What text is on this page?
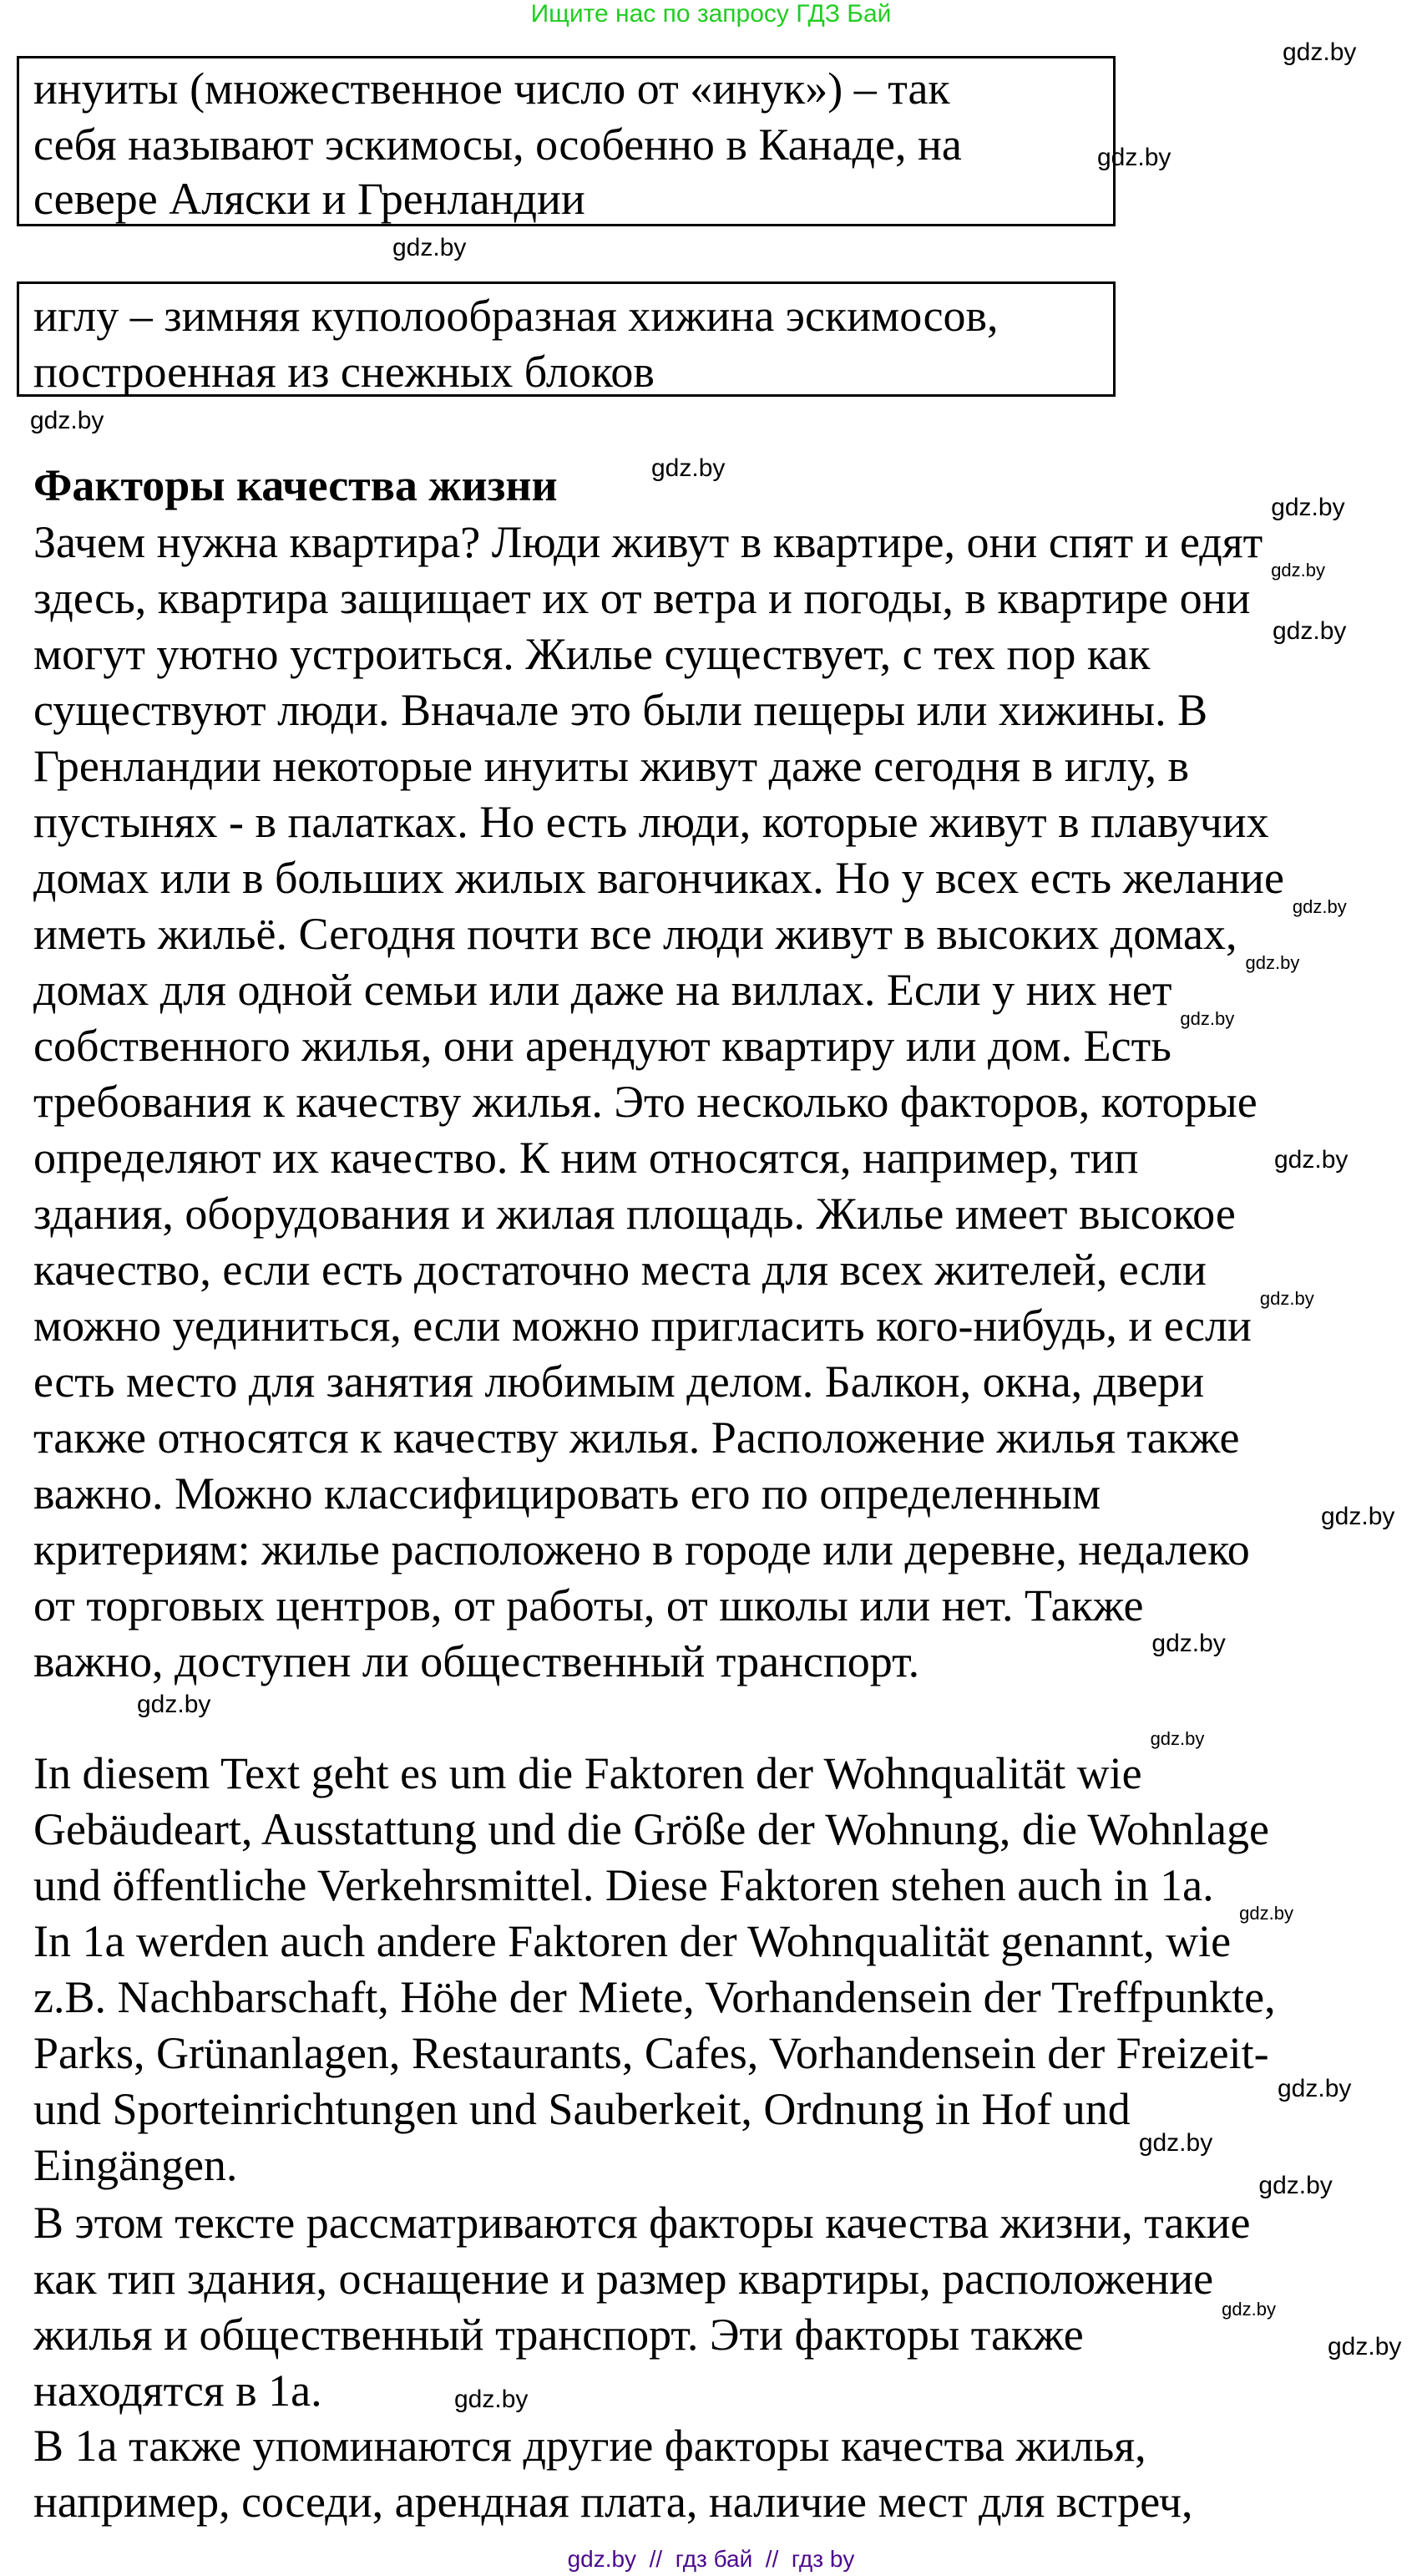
Ищите нас по запросу ГДЗ Бай
инуиты (множественное число от «инук») – так
себя называют эскимосы, особенно в Канаде, на
севере Аляски и Гренландии
иглу – зимняя куполообразная хижина эскимосов,
построенная из снежных блоков
Факторы качества жизни
Зачем нужна квартира? Люди живут в квартире, они спят и едят
здесь, квартира защищает их от ветра и погоды, в квартире они
могут уютно устроиться. Жилье существует, с тех пор как
существуют люди. Вначале это были пещеры или хижины. В
Гренландии некоторые инуиты живут даже сегодня в иглу, в
пустынях - в палатках. Но есть люди, которые живут в плавучих
домах или в больших жилых вагончиках. Но у всех есть желание
иметь жильё. Сегодня почти все люди живут в высоких домах,
домах для одной семьи или даже на виллах. Если у них нет
собственного жилья, они арендуют квартиру или дом. Есть
требования к качеству жилья. Это несколько факторов, которые
определяют их качество. К ним относятся, например, тип
здания, оборудования и жилая площадь. Жилье имеет высокое
качество, если есть достаточно места для всех жителей, если
можно уединиться, если можно пригласить кого-нибудь, и если
есть место для занятия любимым делом. Балкон, окна, двери
также относятся к качеству жилья. Расположение жилья также
важно. Можно классифицировать его по определенным
критериям: жилье расположено в городе или деревне, недалеко
от торговых центров, от работы, от школы или нет. Также
важно, доступен ли общественный транспорт.
In diesem Text geht es um die Faktoren der Wohnqualität wie
Gebäudeart, Ausstattung und die Größe der Wohnung, die Wohnlage
und öffentliche Verkehrsmittel. Diese Faktoren stehen auch in 1a.
In 1a werden auch andere Faktoren der Wohnqualität genannt, wie
z.B. Nachbarschaft, Höhe der Miete, Vorhandensein der Treffpunkte,
Parks, Grünanlagen, Restaurants, Cafes, Vorhandensein der Freizeit-
und Sporteinrichtungen und Sauberkeit, Ordnung in Hof und
Eingängen.
В этом тексте рассматриваются факторы качества жизни, такие
как тип здания, оснащение и размер квартиры, расположение
жилья и общественный транспорт. Эти факторы также
находятся в 1а.
В 1а также упоминаются другие факторы качества жилья,
например, соседи, арендная плата, наличие мест для встреч,
gdz.by
gdz.by
gdz.by
gdz.by
gdz.by
gdz.by
gdz.by
gdz.by
gdz.by
gdz.by
gdz.by
gdz.by
gdz.by
gdz.by
gdz.by
gdz.by
gdz.by
gdz.by
gdz.by
gdz.by
gdz.by
gdz.by
gdz.by
gdz.by
gdz.by  //  гдз бай  //  гдз by
